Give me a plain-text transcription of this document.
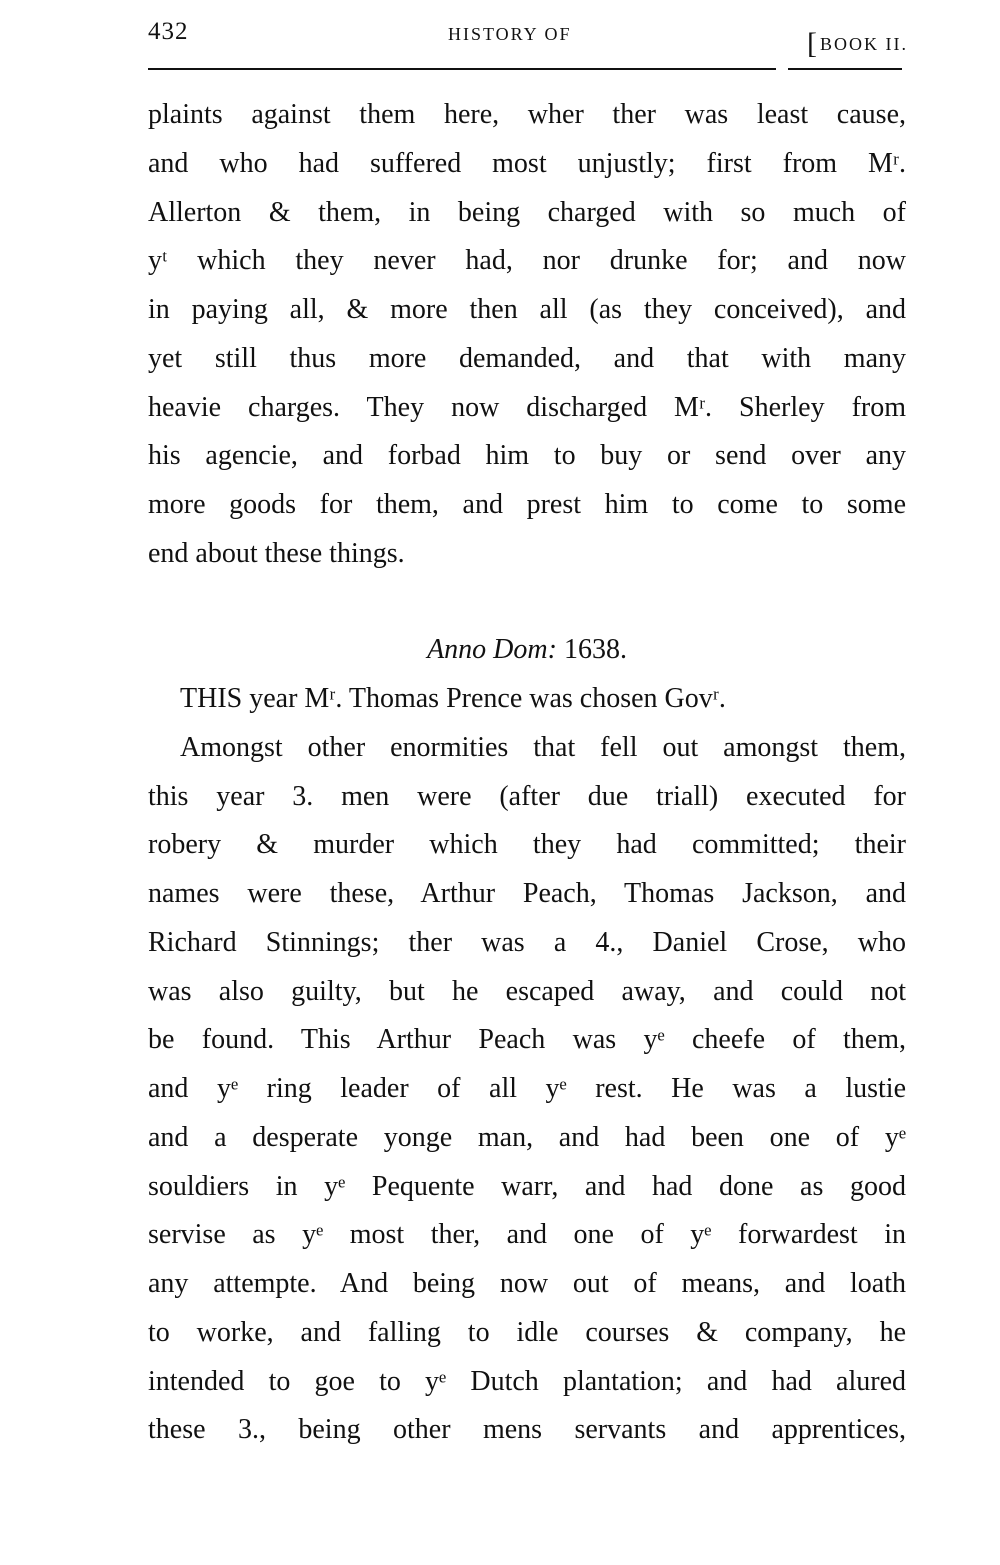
432	HISTORY OF	[BOOK II.
plaints against them here, wher ther was least cause,
and who had suffered most unjustly; first from Mʳ.
Allerton & them, in being charged with so much of
yᵗ which they never had, nor drunke for; and now
in paying all, & more then all (as they conceived), and
yet still thus more demanded, and that with many
heavie charges. They now discharged Mʳ. Sherley from
his agencie, and forbad him to buy or send over any
more goods for them, and prest him to come to some
end about these things.
Anno Dom: 1638.
THIS year Mʳ. Thomas Prence was chosen Govʳ.
Amongst other enormities that fell out amongst them,
this year 3. men were (after due triall) executed for
robery & murder which they had committed; their
names were these, Arthur Peach, Thomas Jackson, and
Richard Stinnings; ther was a 4., Daniel Crose, who
was also guilty, but he escaped away, and could not
be found. This Arthur Peach was yᵉ cheefe of them,
and yᵉ ring leader of all yᵉ rest. He was a lustie
and a desperate yonge man, and had been one of yᵉ
souldiers in yᵉ Pequente warr, and had done as good
servise as yᵉ most ther, and one of yᵉ forwardest in
any attempte. And being now out of means, and loath
to worke, and falling to idle courses & company, he
intended to goe to yᵉ Dutch plantation; and had alured
these 3., being other mens servants and apprentices,
